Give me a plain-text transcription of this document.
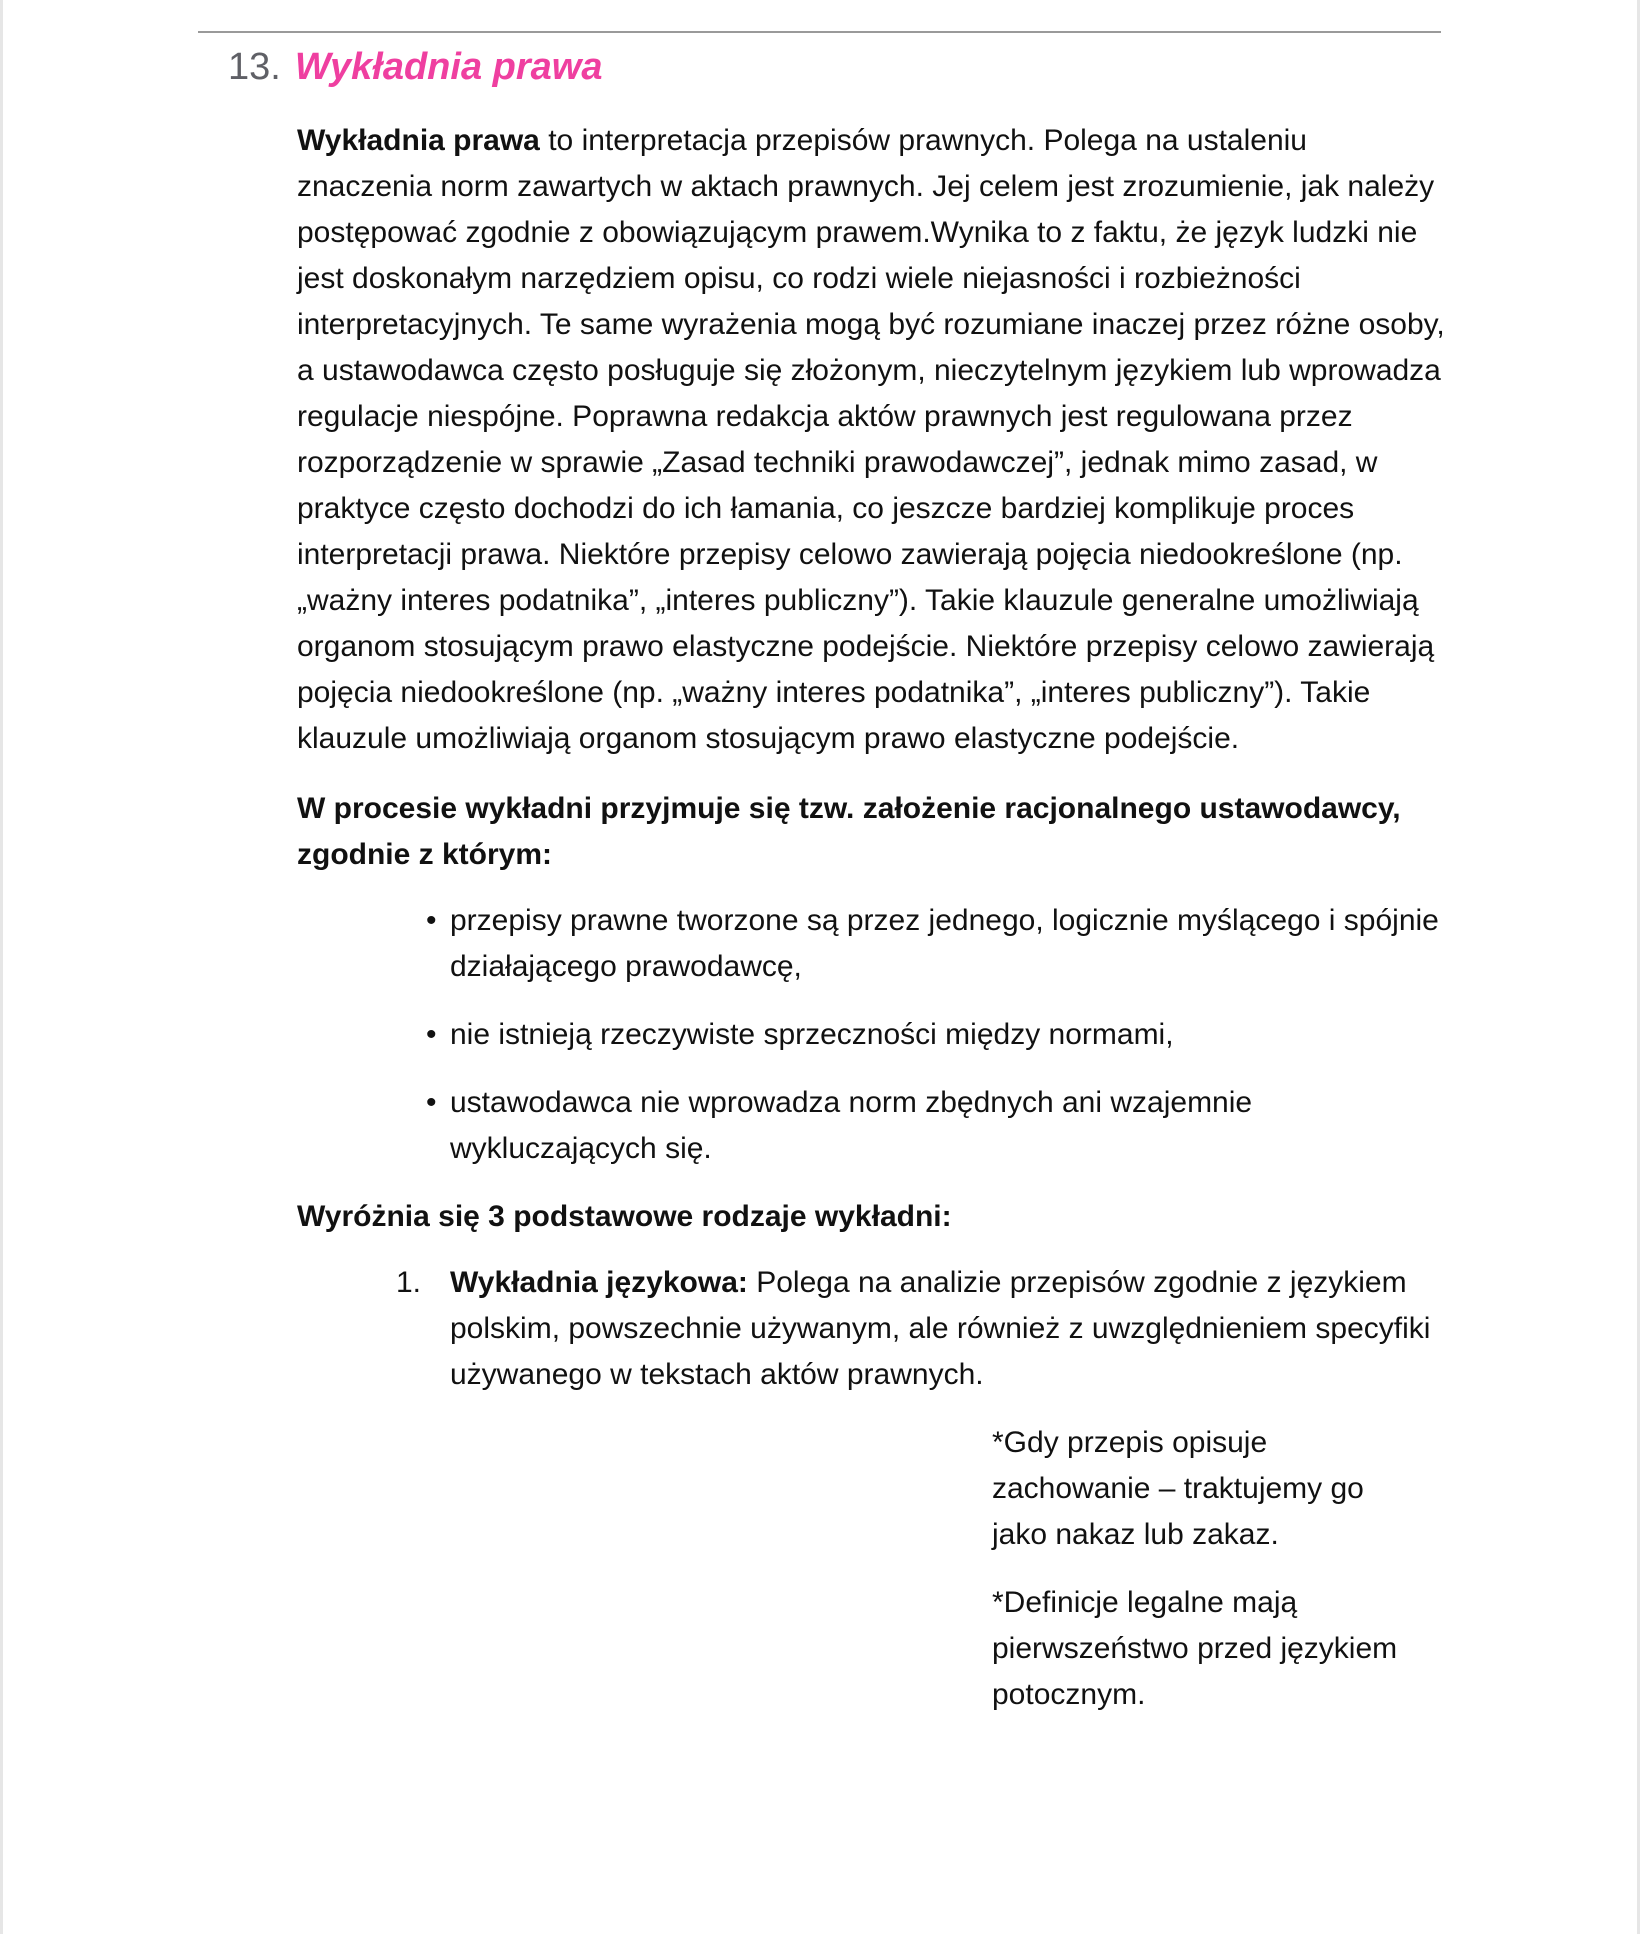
13. Wykładnia prawa

Wykładnia prawa to interpretacja przepisów prawnych. Polega na ustaleniu znaczenia norm zawartych w aktach prawnych. Jej celem jest zrozumienie, jak należy postępować zgodnie z obowiązującym prawem.Wynika to z faktu, że język ludzki nie jest doskonałym narzędziem opisu, co rodzi wiele niejasności i rozbieżności interpretacyjnych. Te same wyrażenia mogą być rozumiane inaczej przez różne osoby, a ustawodawca często posługuje się złożonym, nieczytelnym językiem lub wprowadza regulacje niespójne. Poprawna redakcja aktów prawnych jest regulowana przez rozporządzenie w sprawie „Zasad techniki prawodawczej”, jednak mimo zasad, w praktyce często dochodzi do ich łamania, co jeszcze bardziej komplikuje proces interpretacji prawa. Niektóre przepisy celowo zawierają pojęcia niedookreślone (np. „ważny interes podatnika”, „interes publiczny”). Takie klauzule generalne umożliwiają organom stosującym prawo elastyczne podejście. Niektóre przepisy celowo zawierają pojęcia niedookreślone (np. „ważny interes podatnika”, „interes publiczny”). Takie klauzule umożliwiają organom stosującym prawo elastyczne podejście.

W procesie wykładni przyjmuje się tzw. założenie racjonalnego ustawodawcy, zgodnie z którym:

• przepisy prawne tworzone są przez jednego, logicznie myślącego i spójnie działającego prawodawcę,
• nie istnieją rzeczywiste sprzeczności między normami,
• ustawodawca nie wprowadza norm zbędnych ani wzajemnie wykluczających się.

Wyróżnia się 3 podstawowe rodzaje wykładni:

1. Wykładnia językowa: Polega na analizie przepisów zgodnie z językiem polskim, powszechnie używanym, ale również z uwzględnieniem specyfiki używanego w tekstach aktów prawnych.

*Gdy przepis opisuje zachowanie – traktujemy go jako nakaz lub zakaz.

*Definicje legalne mają pierwszeństwo przed językiem potocznym.
